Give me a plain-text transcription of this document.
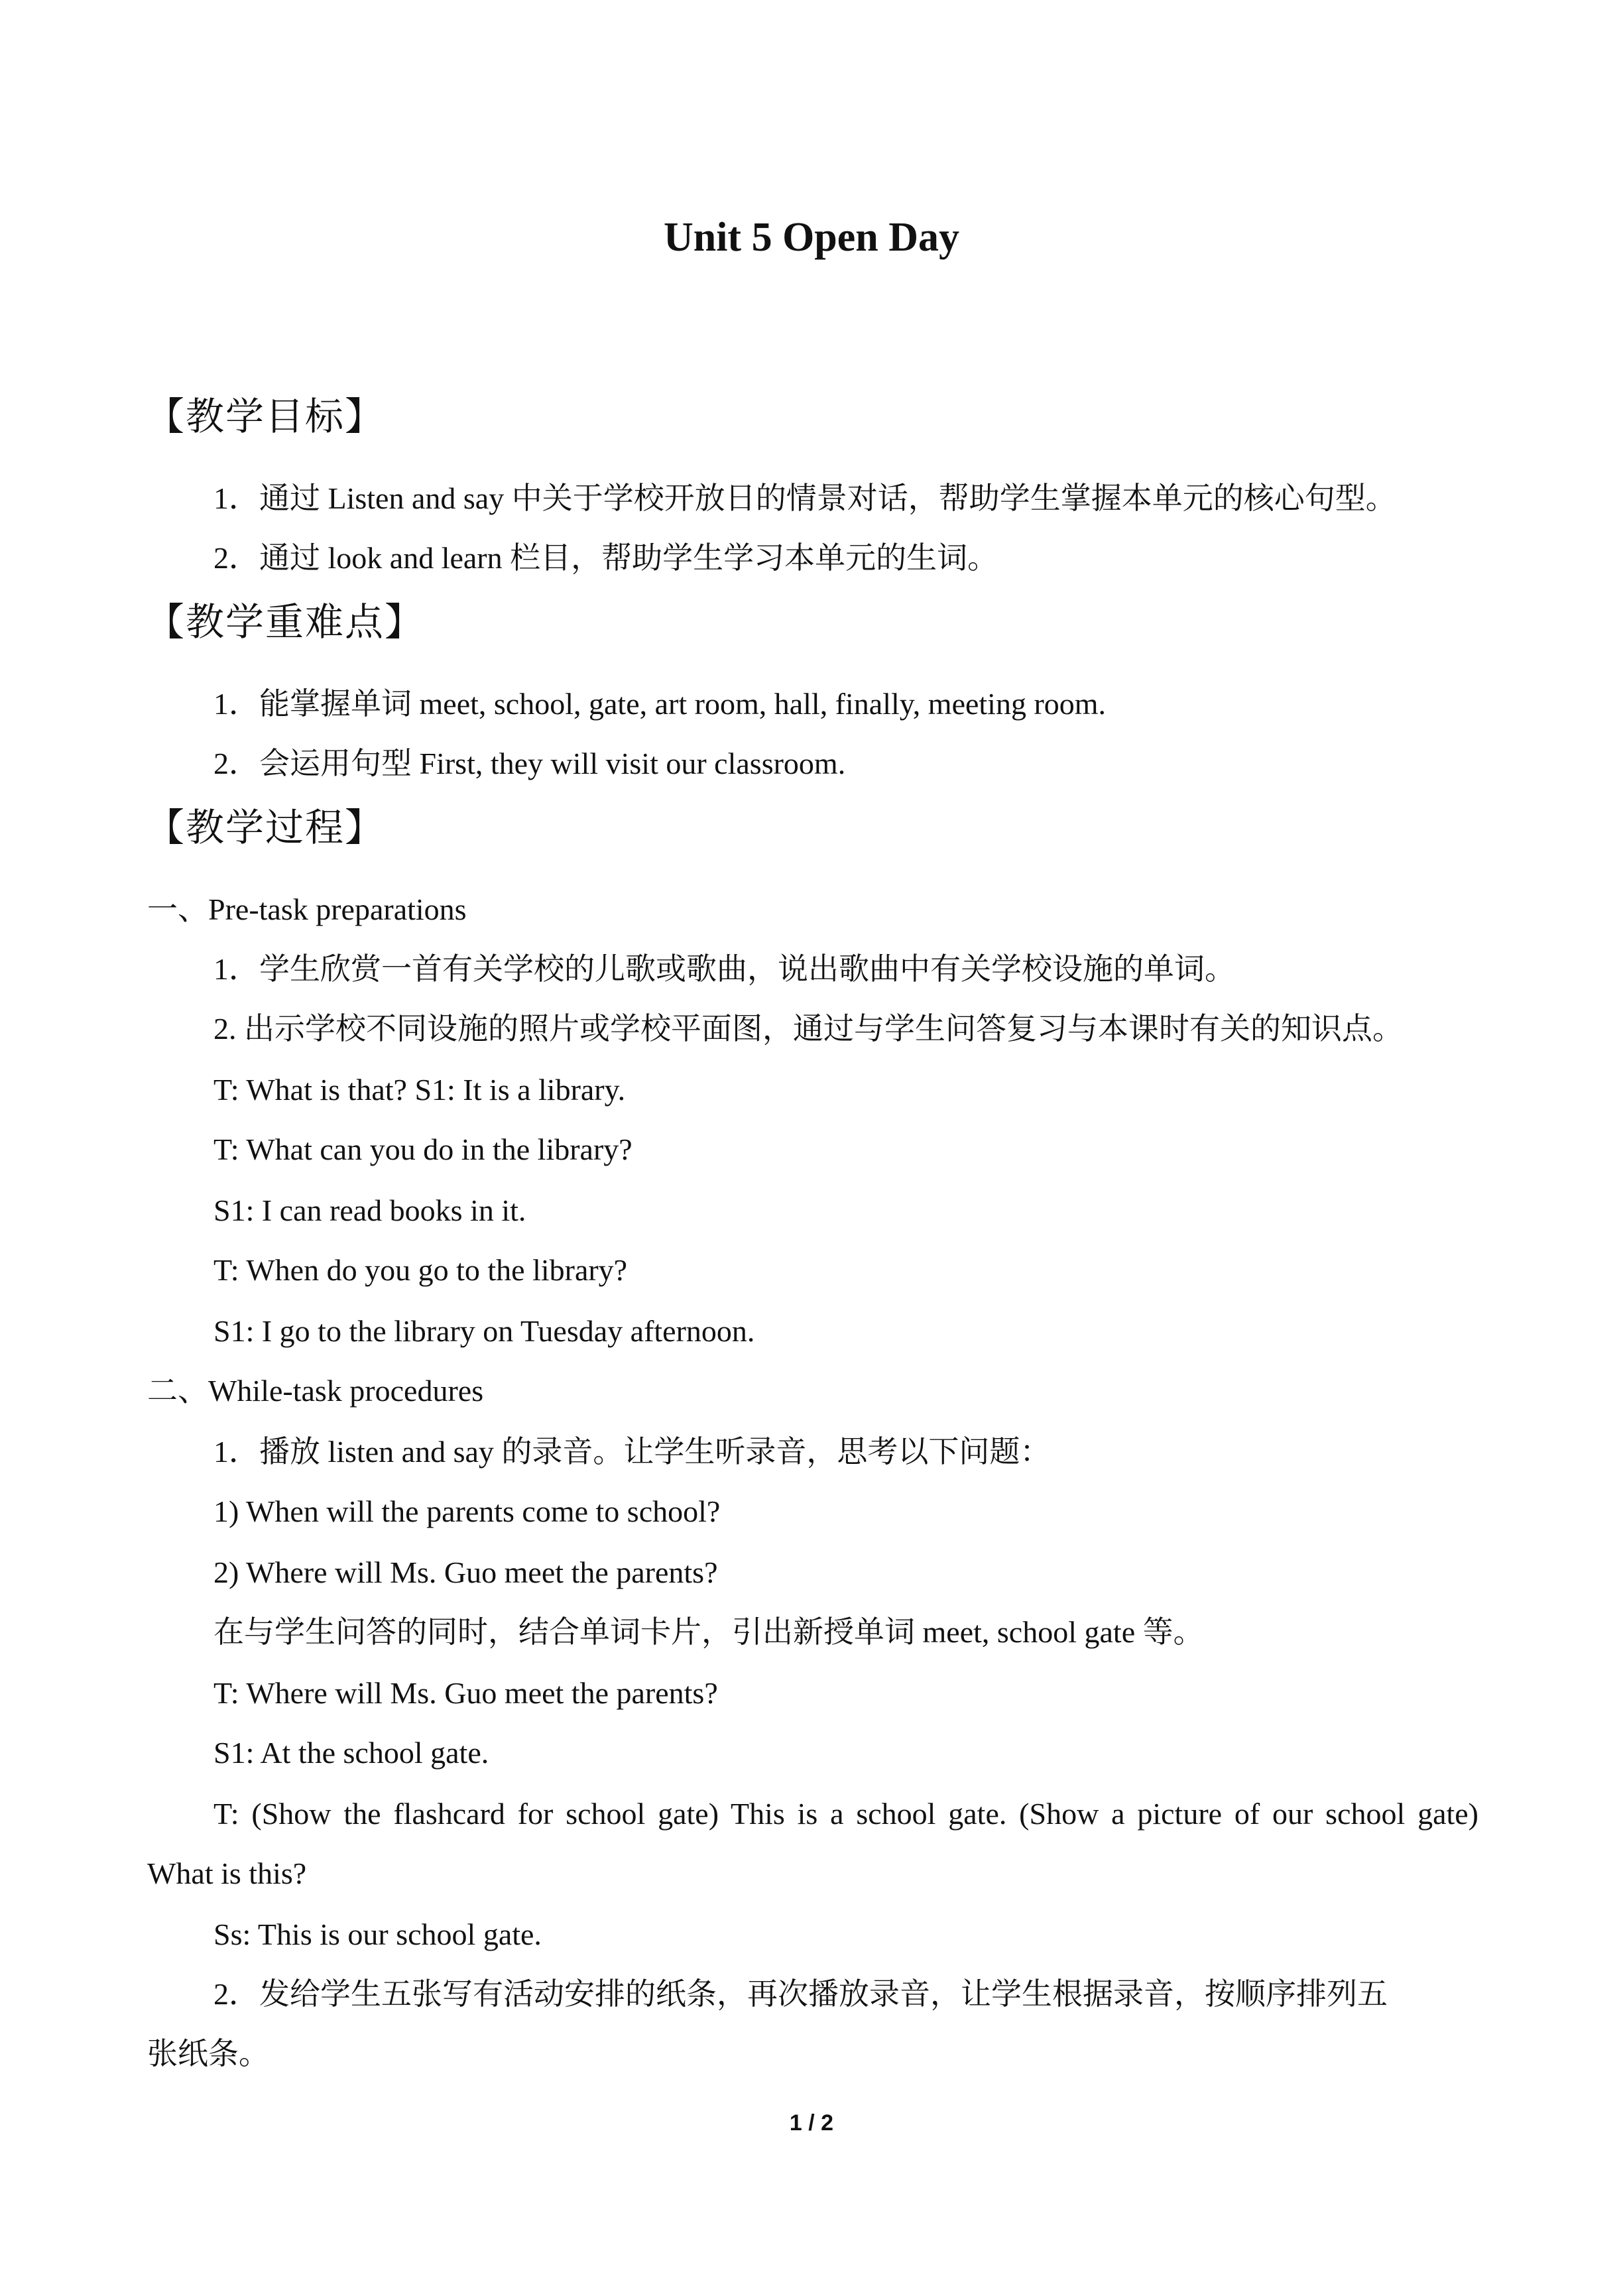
Unit 5 Open Day
【教学目标】
1．通过 Listen and say 中关于学校开放日的情景对话，帮助学生掌握本单元的核心句型。
2．通过 look and learn 栏目，帮助学生学习本单元的生词。
【教学重难点】
1．能掌握单词 meet, school, gate, art room, hall, finally, meeting room.
2．会运用句型 First, they will visit our classroom.
【教学过程】
一、Pre-task preparations
1．学生欣赏一首有关学校的儿歌或歌曲，说出歌曲中有关学校设施的单词。
2. 出示学校不同设施的照片或学校平面图，通过与学生问答复习与本课时有关的知识点。
T: What is that? S1: It is a library.
T: What can you do in the library?
S1: I can read books in it.
T: When do you go to the library?
S1: I go to the library on Tuesday afternoon.
二、While-task procedures
1．播放 listen and say 的录音。让学生听录音，思考以下问题：
1) When will the parents come to school?
2) Where will Ms. Guo meet the parents?
在与学生问答的同时，结合单词卡片，引出新授单词 meet, school gate 等。
T: Where will Ms. Guo meet the parents?
S1: At the school gate.
T: (Show the flashcard for school gate) This is a school gate. (Show a picture of our school gate)
What is this?
Ss: This is our school gate.
2．发给学生五张写有活动安排的纸条，再次播放录音，让学生根据录音，按顺序排列五
张纸条。
1 / 2
